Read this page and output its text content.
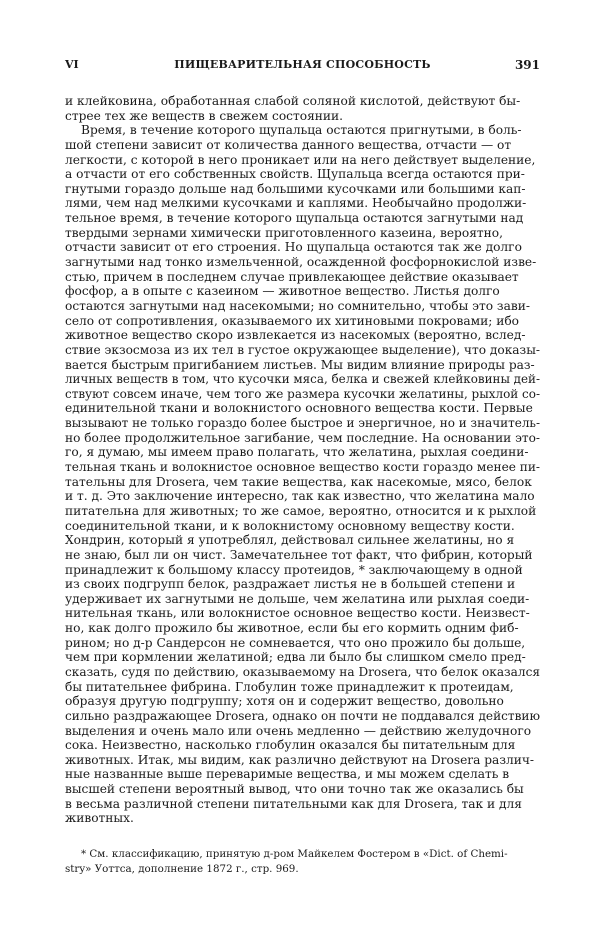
VI	ПИЩЕВАРИТЕЛЬНАЯ СПОСОБНОСТЬ	391
и клейковина, обработанная слабой соляной кислотой, действуют бы-
стрее тех же веществ в свежем состоянии.
Время, в течение которого щупальца остаются пригнутыми, в боль-
шой степени зависит от количества данного вещества, отчасти — от
легкости, с которой в него проникает или на него действует выделение,
а отчасти от его собственных свойств. Щупальца всегда остаются при-
гнутыми гораздо дольше над большими кусочками или большими кап-
лями, чем над мелкими кусочками и каплями. Необычайно продолжи-
тельное время, в течение которого щупальца остаются загнутыми над
твердыми зернами химически приготовленного казеина, вероятно,
отчасти зависит от его строения. Но щупальца остаются так же долго
загнутыми над тонко измельченной, осажденной фосфорнокислой изве-
стью, причем в последнем случае привлекающее действие оказывает
фосфор, а в опыте с казеином — животное вещество. Листья долго
остаются загнутыми над насекомыми; но сомнительно, чтобы это зави-
село от сопротивления, оказываемого их хитиновыми покровами; ибо
животное вещество скоро извлекается из насекомых (вероятно, вслед-
ствие экзосмоза из их тел в густое окружающее выделение), что доказы-
вается быстрым пригибанием листьев. Мы видим влияние природы раз-
личных веществ в том, что кусочки мяса, белка и свежей клейковины дей-
ствуют совсем иначе, чем того же размера кусочки желатины, рыхлой со-
единительной ткани и волокнистого основного вещества кости. Первые
вызывают не только гораздо более быстрое и энергичное, но и значитель-
но более продолжительное загибание, чем последние. На основании это-
го, я думаю, мы имеем право полагать, что желатина, рыхлая соедини-
тельная ткань и волокнистое основное вещество кости гораздо менее пи-
тательны для Drosera, чем такие вещества, как насекомые, мясо, белок
и т. д. Это заключение интересно, так как известно, что желатина мало
питательна для животных; то же самое, вероятно, относится и к рыхлой
соединительной ткани, и к волокнистому основному веществу кости.
Хондрин, который я употреблял, действовал сильнее желатины, но я
не знаю, был ли он чист. Замечательнее тот факт, что фибрин, который
принадлежит к большому классу протеидов, * заключающему в одной
из своих подгрупп белок, раздражает листья не в большей степени и
удерживает их загнутыми не дольше, чем желатина или рыхлая соеди-
нительная ткань, или волокнистое основное вещество кости. Неизвест-
но, как долго прожило бы животное, если бы его кормить одним фиб-
рином; но д-р Сандерсон не сомневается, что оно прожило бы дольше,
чем при кормлении желатиной; едва ли было бы слишком смело пред-
сказать, судя по действию, оказываемому на Drosera, что белок оказался
бы питательнее фибрина. Глобулин тоже принадлежит к протеидам,
образуя другую подгруппу; хотя он и содержит вещество, довольно
сильно раздражающее Drosera, однако он почти не поддавался действию
выделения и очень мало или очень медленно — действию желудочного
сока. Неизвестно, насколько глобулин оказался бы питательным для
животных. Итак, мы видим, как различно действуют на Drosera различ-
ные названные выше переваримые вещества, и мы можем сделать в
высшей степени вероятный вывод, что они точно так же оказались бы
в весьма различной степени питательными как для Drosera, так и для
животных.
* См. классификацию, принятую д-ром Майкелем Фостером в «Dict. of Chemi-
stry» Уоттса, дополнение 1872 г., стр. 969.
